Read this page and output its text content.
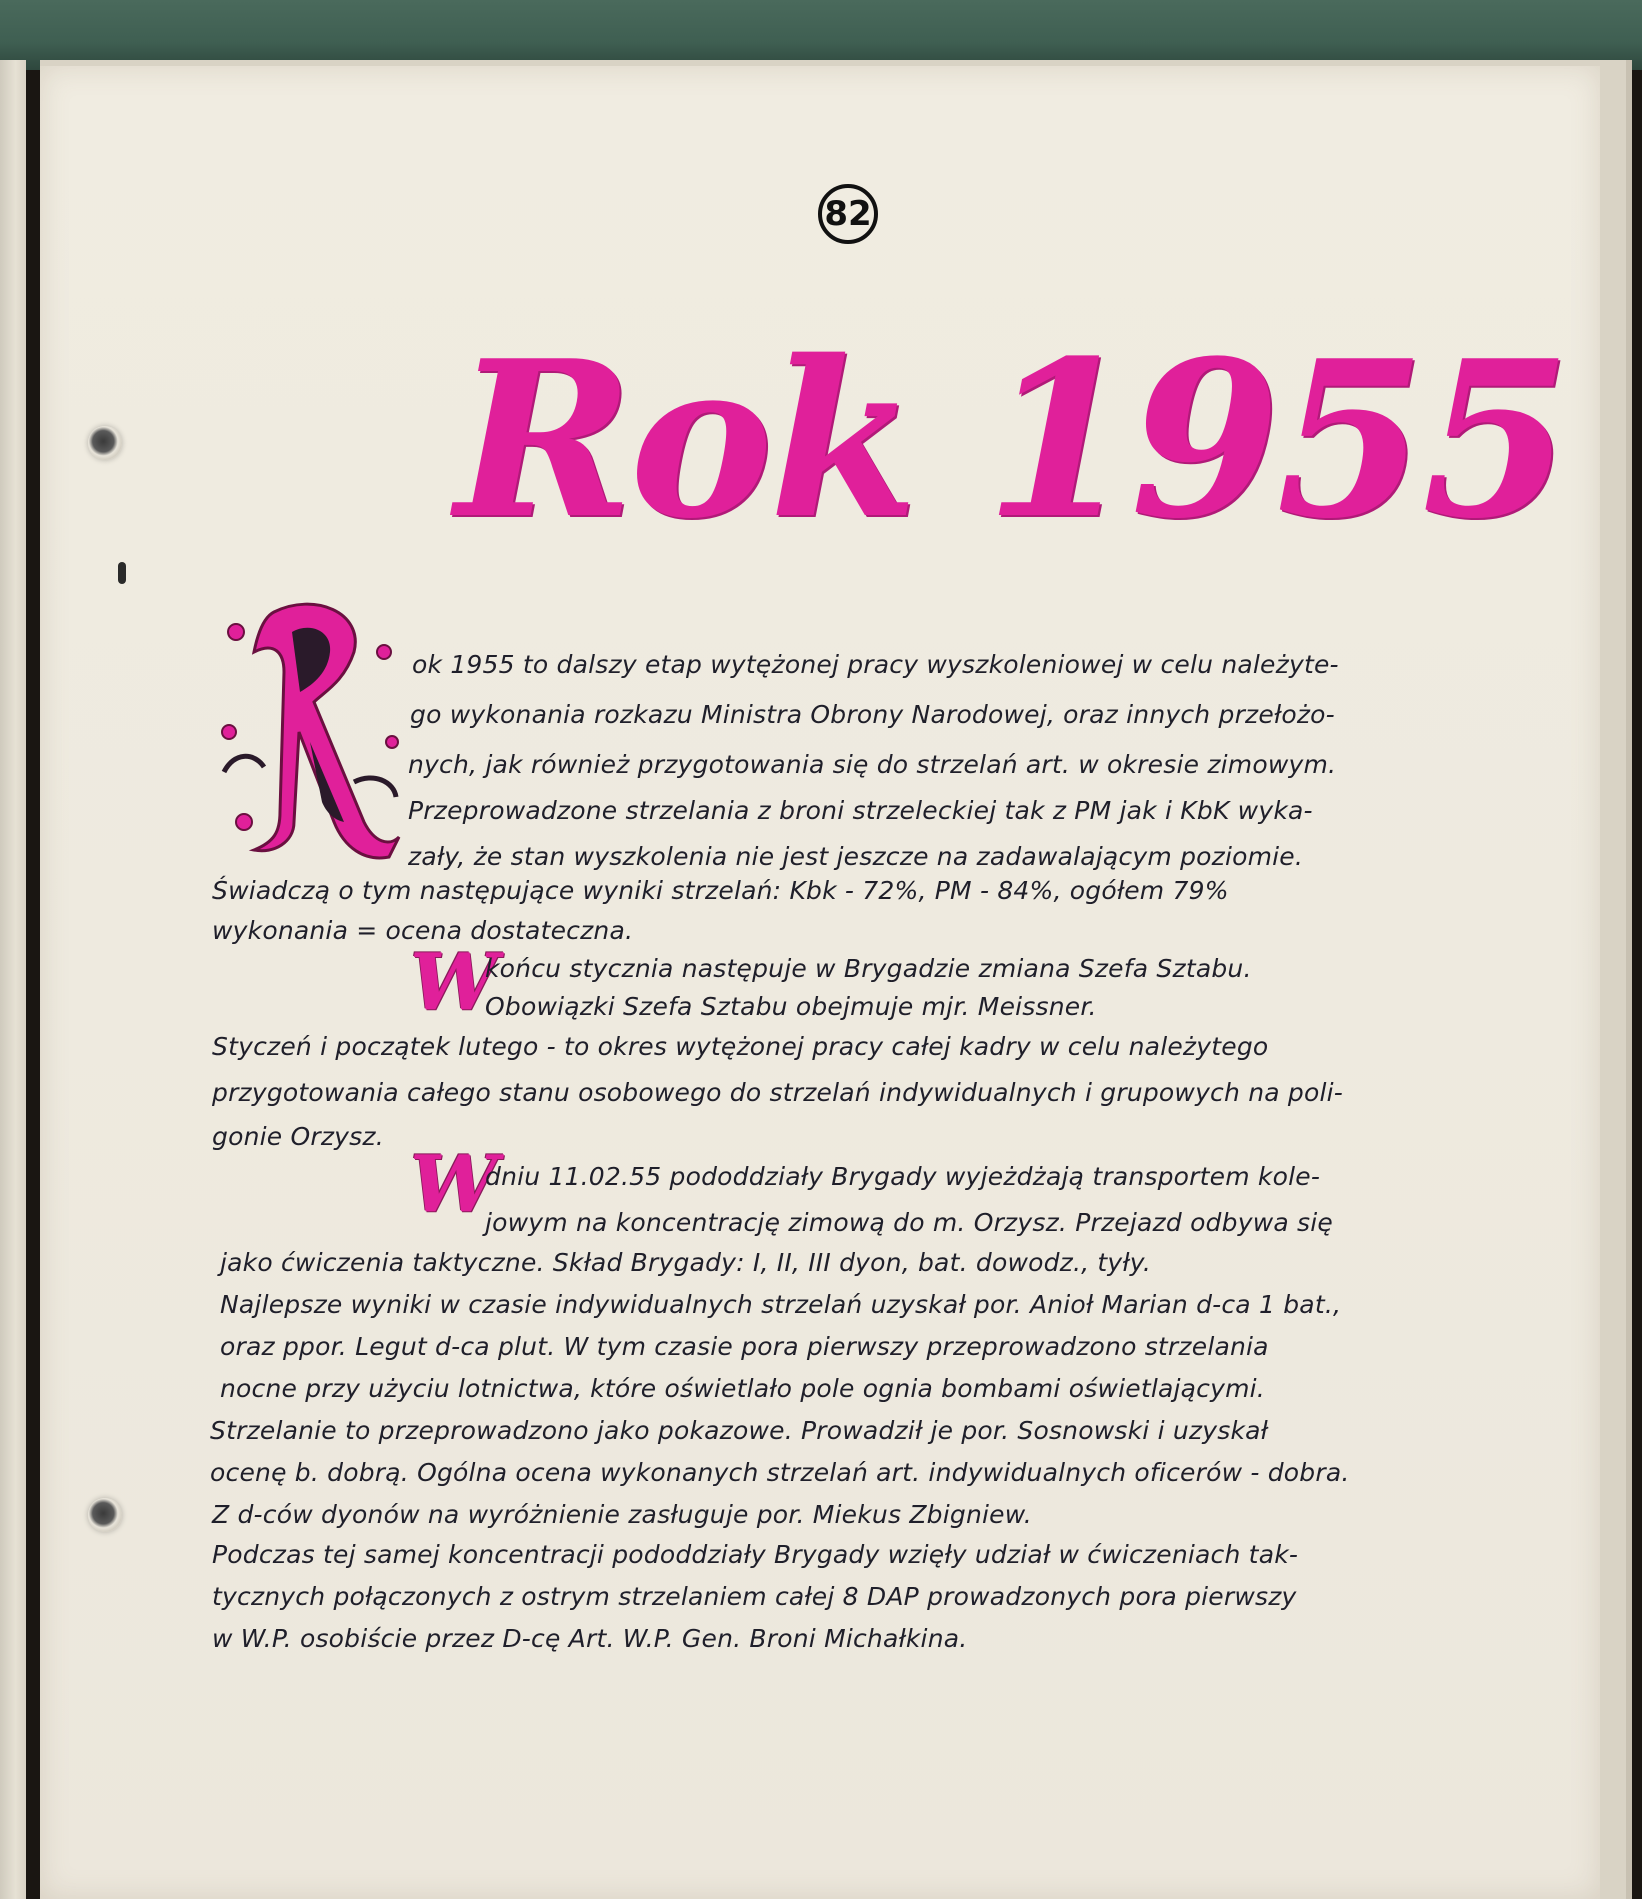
82
Rok 1955
ok 1955 to dalszy etap wytężonej pracy wyszkoleniowej w celu należyte-
go wykonania rozkazu Ministra Obrony Narodowej, oraz innych przełożo-
nych, jak również przygotowania się do strzelań art. w okresie zimowym.
Przeprowadzone strzelania z broni strzeleckiej tak z PM jak i KbK wyka-
zały, że stan wyszkolenia nie jest jeszcze na zadawalającym poziomie.
Świadczą o tym następujące wyniki strzelań: Kbk - 72%, PM - 84%, ogółem 79%
wykonania = ocena dostateczna.
W
końcu stycznia następuje w Brygadzie zmiana Szefa Sztabu.
Obowiązki Szefa Sztabu obejmuje mjr. Meissner.
Styczeń i początek lutego - to okres wytężonej pracy całej kadry w celu należytego
przygotowania całego stanu osobowego do strzelań indywidualnych i grupowych na poli-
gonie Orzysz.
W
dniu 11.02.55 pododdziały Brygady wyjeżdżają transportem kole-
jowym na koncentrację zimową do m. Orzysz. Przejazd odbywa się
jako ćwiczenia taktyczne. Skład Brygady: I, II, III dyon, bat. dowodz., tyły.
Najlepsze wyniki w czasie indywidualnych strzelań uzyskał por. Anioł Marian d-ca 1 bat.,
oraz ppor. Legut d-ca plut. W tym czasie pora pierwszy przeprowadzono strzelania
nocne przy użyciu lotnictwa, które oświetlało pole ognia bombami oświetlającymi.
Strzelanie to przeprowadzono jako pokazowe. Prowadził je por. Sosnowski i uzyskał
ocenę b. dobrą. Ogólna ocena wykonanych strzelań art. indywidualnych oficerów - dobra.
Z d-ców dyonów na wyróżnienie zasługuje por. Miekus Zbigniew.
Podczas tej samej koncentracji pododdziały Brygady wzięły udział w ćwiczeniach tak-
tycznych połączonych z ostrym strzelaniem całej 8 DAP prowadzonych pora pierwszy
w W.P. osobiście przez D-cę Art. W.P. Gen. Broni Michałkina.
